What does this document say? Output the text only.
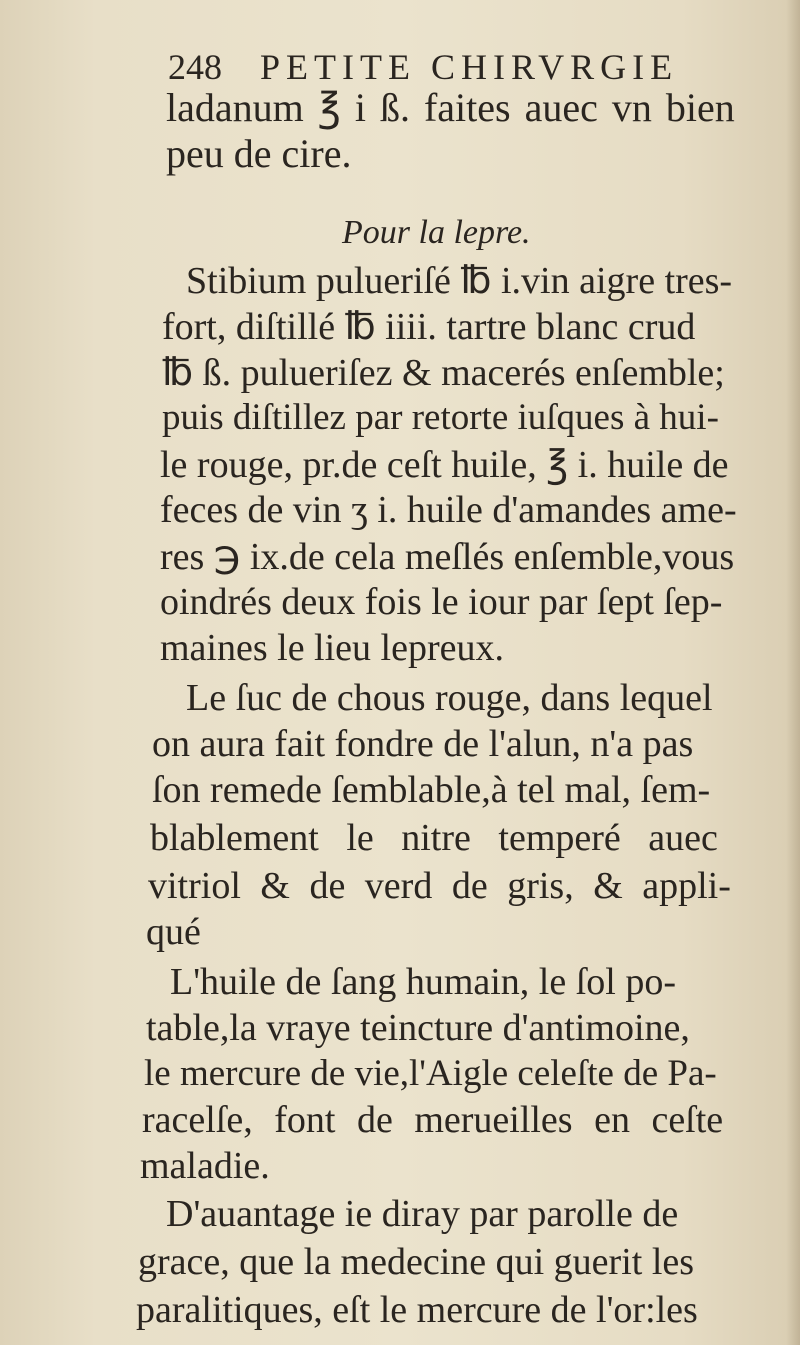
248 PETITE CHIRVRGIE
ladanum ℥ i ß. faites auec vn bien
peu de cire.
Pour la lepre.
Stibium pulueriſé ℔ i.vin aigre tres-
fort, diſtillé ℔ iiii. tartre blanc crud
℔ ß. pulueriſez & macerés enſemble;
puis diſtillez par retorte iuſques à hui-
le rouge, pr.de ceſt huile, ℥ i. huile de
feces de vin ʒ i. huile d'amandes ame-
res ℈ ix.de cela meſlés enſemble,vous
oindrés deux fois le iour par ſept ſep-
maines le lieu lepreux.
Le ſuc de chous rouge, dans lequel
on aura fait fondre de l'alun, n'a pas
ſon remede ſemblable,à tel mal, ſem-
blablement le nitre temperé auec
vitriol & de verd de gris, & appli-
qué
L'huile de ſang humain, le ſol po-
table,la vraye teincture d'antimoine,
le mercure de vie,l'Aigle celeſte de Pa-
racelſe, font de merueilles en ceſte
maladie.
D'auantage ie diray par parolle de
grace, que la medecine qui guerit les
paralitiques, eſt le mercure de l'or:les
